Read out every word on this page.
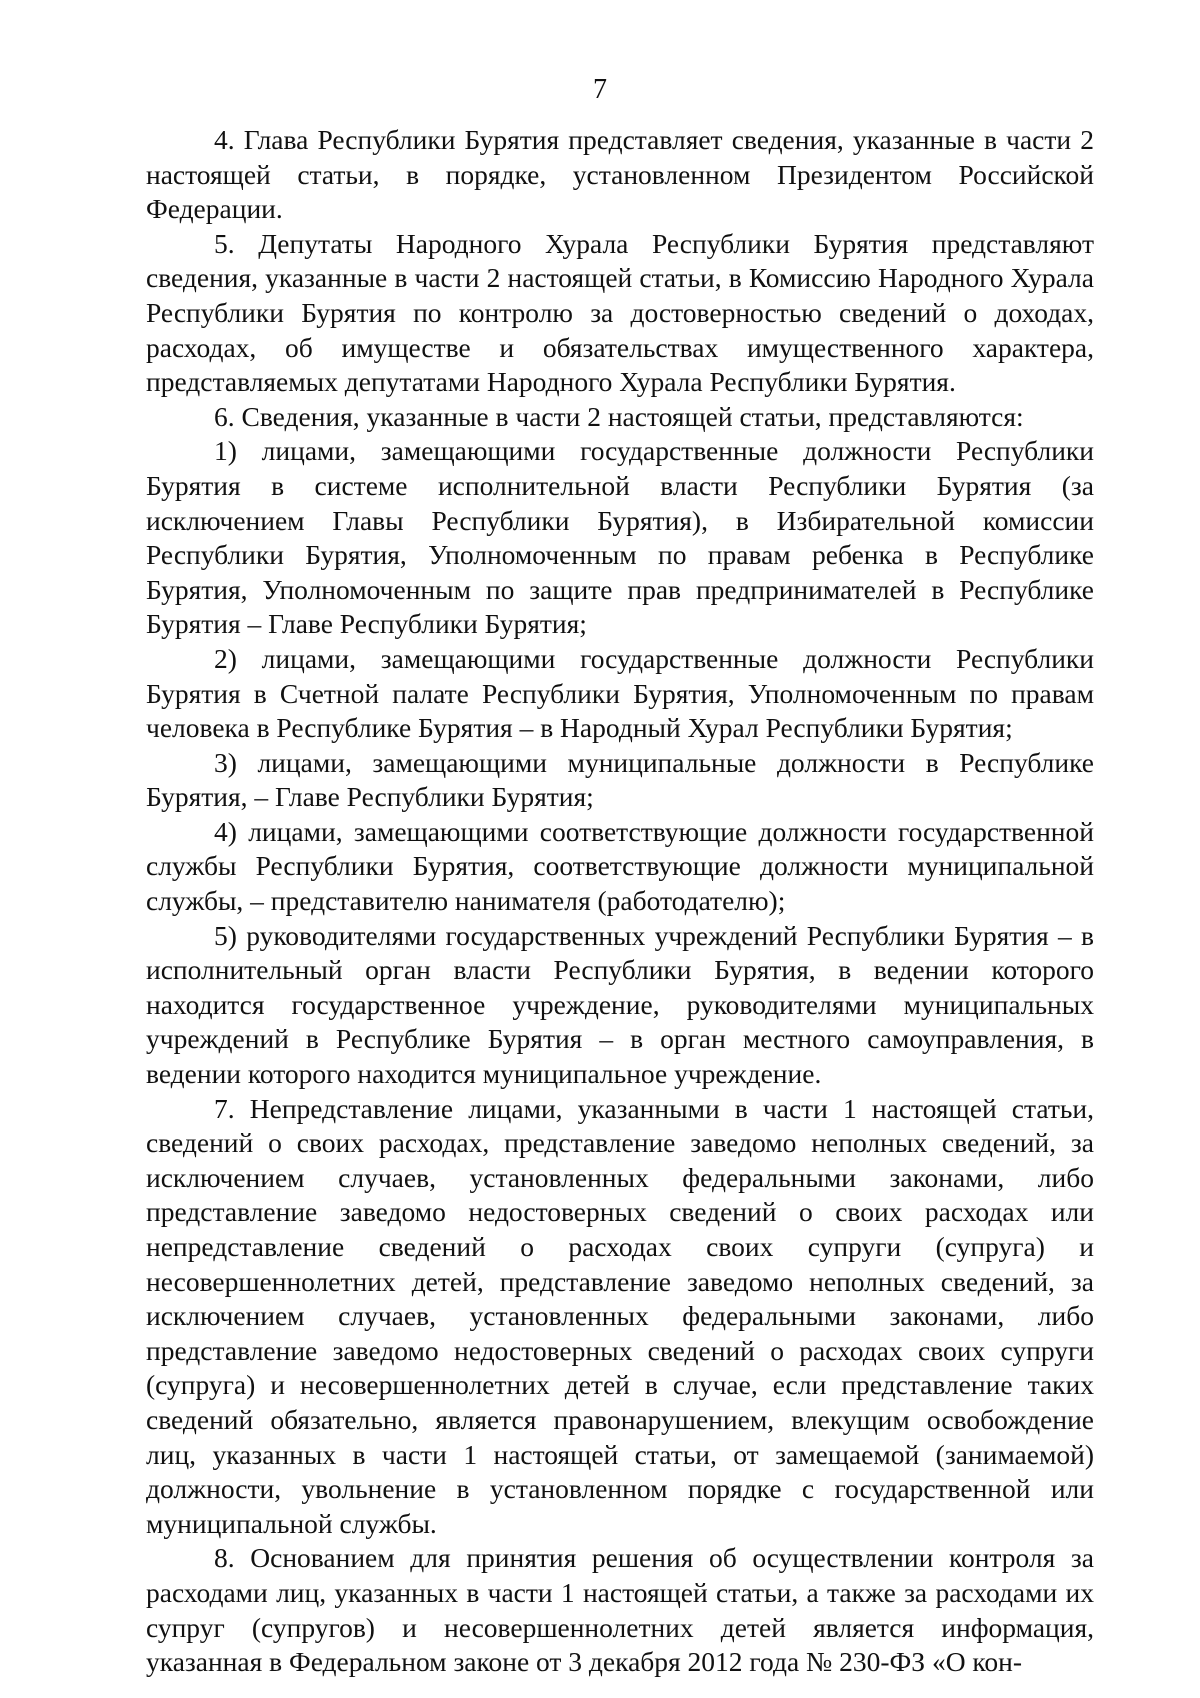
7

4. Глава Республики Бурятия представляет сведения, указанные в части 2 настоящей статьи, в порядке, установленном Президентом Российской Федерации.

5. Депутаты Народного Хурала Республики Бурятия представляют сведения, указанные в части 2 настоящей статьи, в Комиссию Народного Хурала Республики Бурятия по контролю за достоверностью сведений о доходах, расходах, об имуществе и обязательствах имущественного характера, представляемых депутатами Народного Хурала Республики Бурятия.

6. Сведения, указанные в части 2 настоящей статьи, представляются:

1) лицами, замещающими государственные должности Республики Бурятия в системе исполнительной власти Республики Бурятия (за исключением Главы Республики Бурятия), в Избирательной комиссии Республики Бурятия, Уполномоченным по правам ребенка в Республике Бурятия, Уполномоченным по защите прав предпринимателей в Республике Бурятия – Главе Республики Бурятия;

2) лицами, замещающими государственные должности Республики Бурятия в Счетной палате Республики Бурятия, Уполномоченным по правам человека в Республике Бурятия – в Народный Хурал Республики Бурятия;

3) лицами, замещающими муниципальные должности в Республике Бурятия, – Главе Республики Бурятия;

4) лицами, замещающими соответствующие должности государственной службы Республики Бурятия, соответствующие должности муниципальной службы, – представителю нанимателя (работодателю);

5) руководителями государственных учреждений Республики Бурятия – в исполнительный орган власти Республики Бурятия, в ведении которого находится государственное учреждение, руководителями муниципальных учреждений в Республике Бурятия – в орган местного самоуправления, в ведении которого находится муниципальное учреждение.

7. Непредставление лицами, указанными в части 1 настоящей статьи, сведений о своих расходах, представление заведомо неполных сведений, за исключением случаев, установленных федеральными законами, либо представление заведомо недостоверных сведений о своих расходах или непредставление сведений о расходах своих супруги (супруга) и несовершеннолетних детей, представление заведомо неполных сведений, за исключением случаев, установленных федеральными законами, либо представление заведомо недостоверных сведений о расходах своих супруги (супруга) и несовершеннолетних детей в случае, если представление таких сведений обязательно, является правонарушением, влекущим освобождение лиц, указанных в части 1 настоящей статьи, от замещаемой (занимаемой) должности, увольнение в установленном порядке с государственной или муниципальной службы.

8. Основанием для принятия решения об осуществлении контроля за расходами лиц, указанных в части 1 настоящей статьи, а также за расходами их супруг (супругов) и несовершеннолетних детей является информация, указанная в Федеральном законе от 3 декабря 2012 года № 230-ФЗ «О кон-
